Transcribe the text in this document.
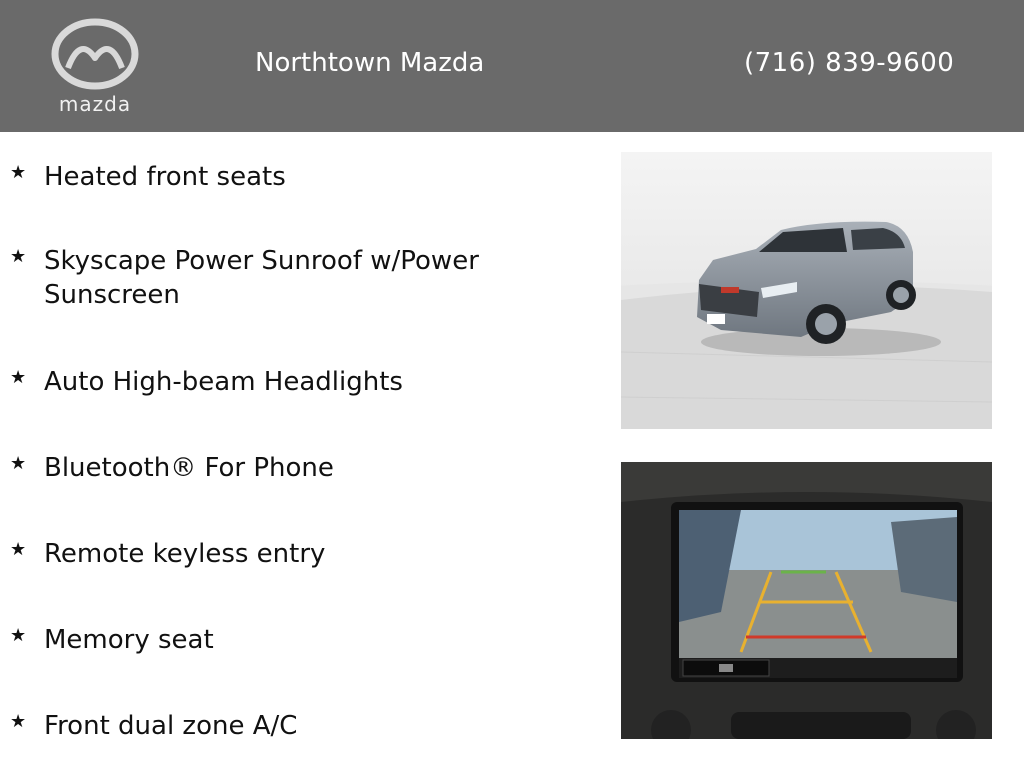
mazda
Northtown Mazda	(716) 839-9600
★ Heated front seats
★ Skyscape Power Sunroof w/Power Sunscreen
★ Auto High-beam Headlights
★ Bluetooth® For Phone
★ Remote keyless entry
★ Memory seat
★ Front dual zone A/C
